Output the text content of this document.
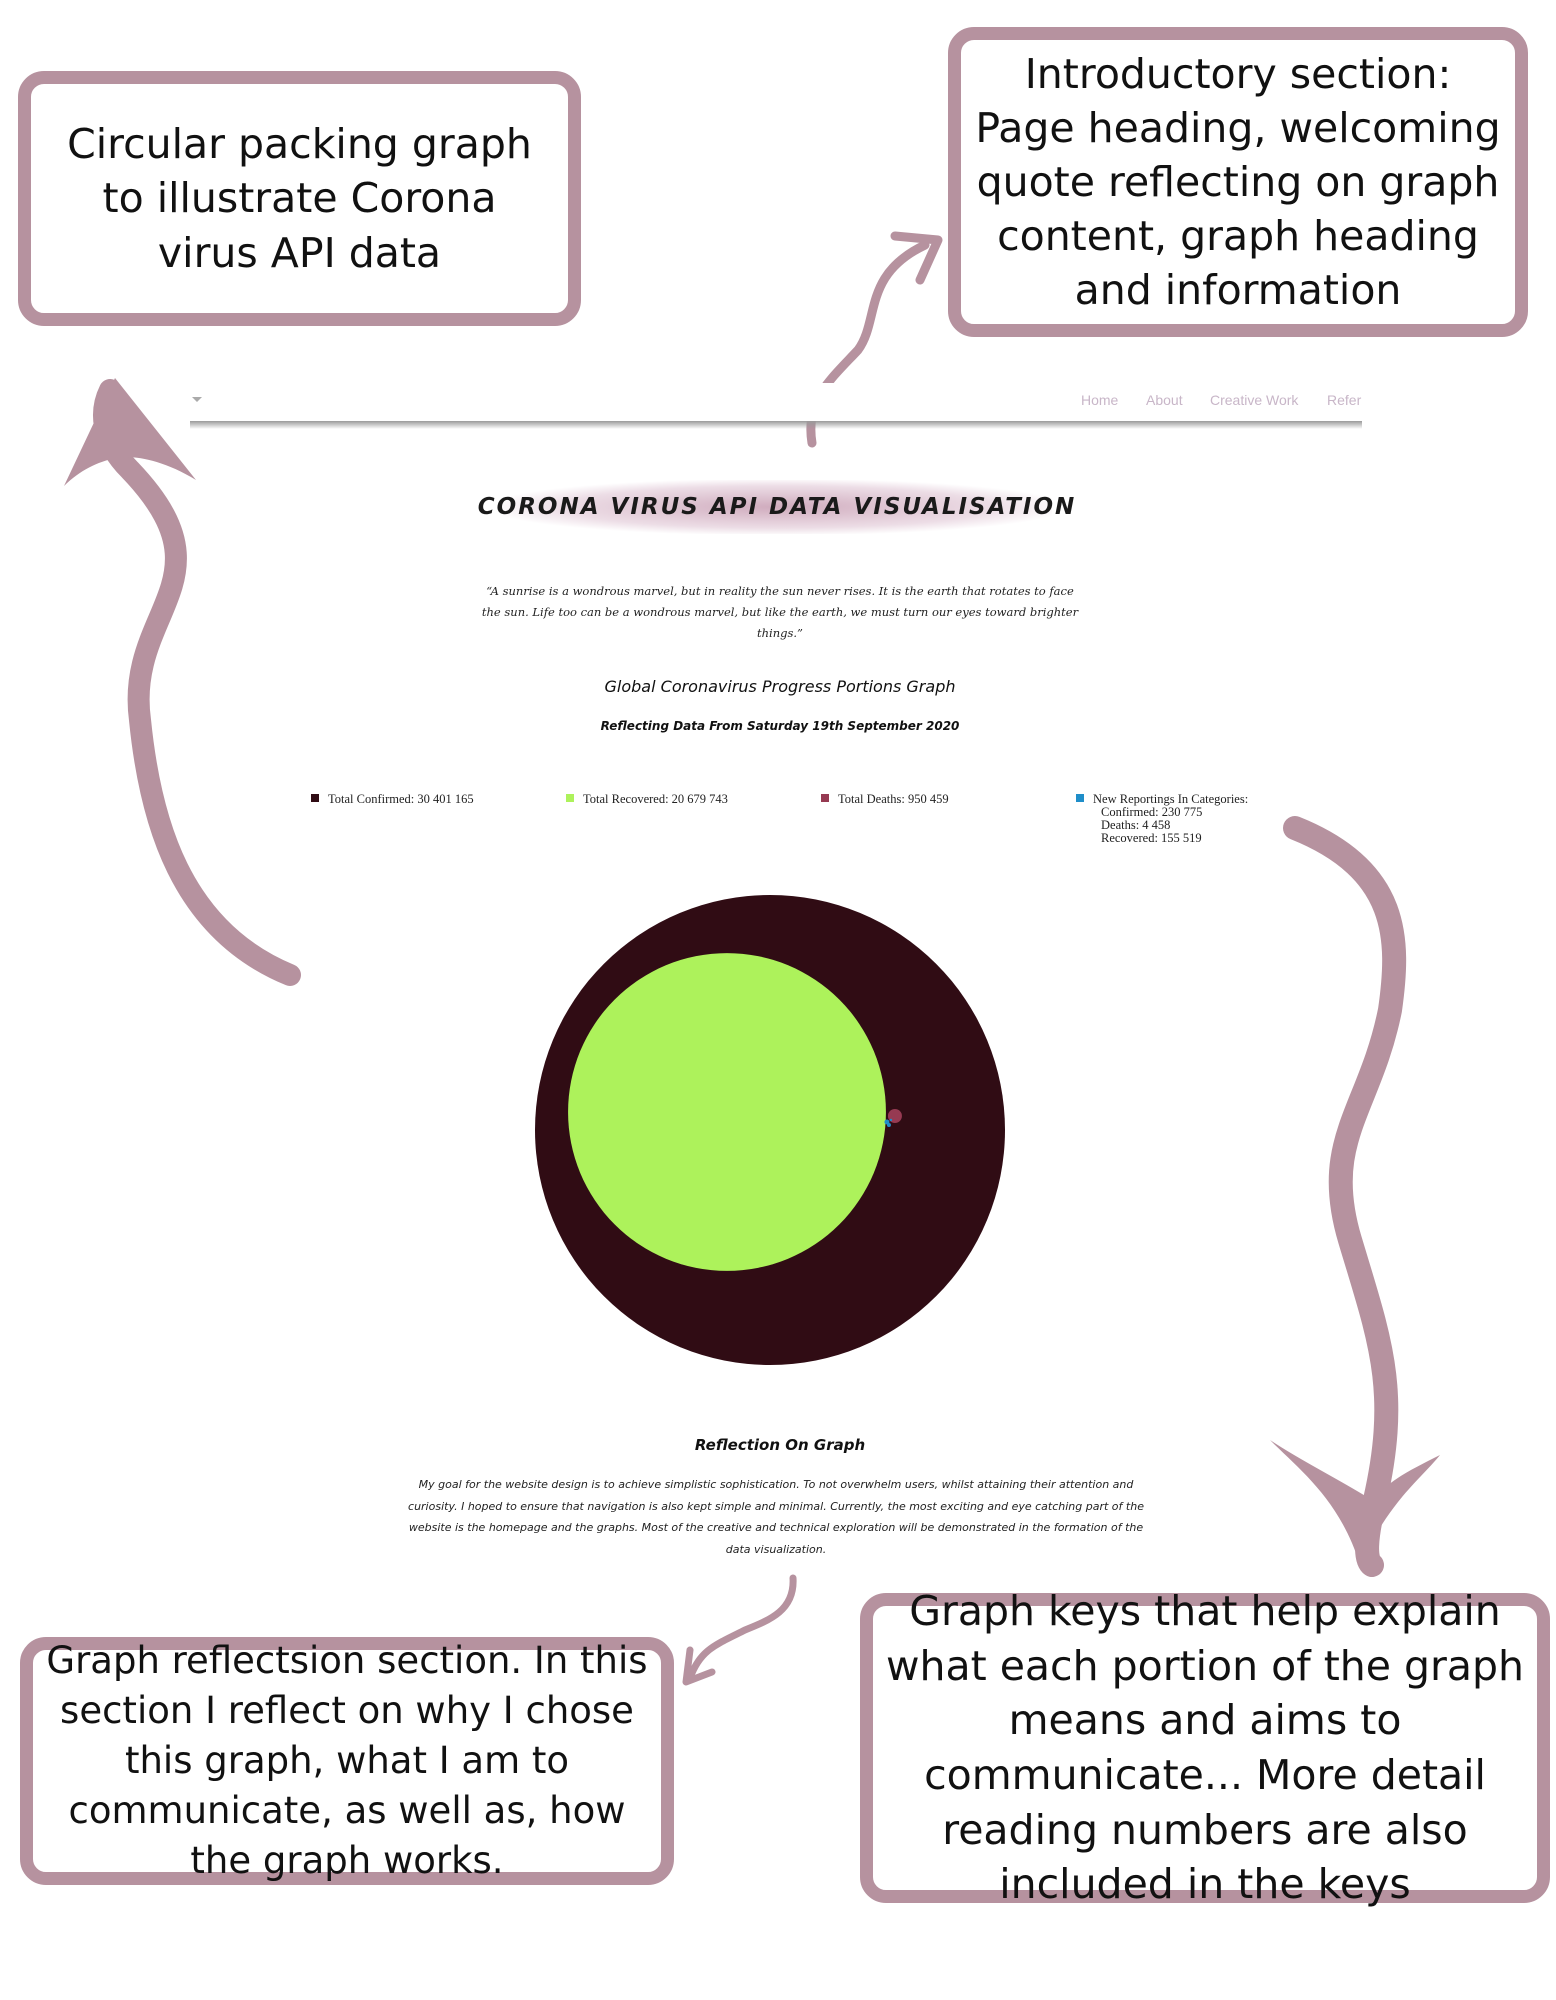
Circular packing graph to illustrate Corona virus API data
Introductory section: Page heading, welcoming quote reflecting on graph content, graph heading and information
Graph reflectsion section. In this section I reflect on why I chose this graph, what I am to communicate, as well as, how the graph works.
Graph keys that help explain what each portion of the graph means and aims to communicate... More detail reading numbers are also included in the keys
Home About Creative Work Refer
CORONA VIRUS API DATA VISUALISATION
“A sunrise is a wondrous marvel, but in reality the sun never rises. It is the earth that rotates to face the sun. Life too can be a wondrous marvel, but like the earth, we must turn our eyes toward brighter things.”
Global Coronavirus Progress Portions Graph
Reflecting Data From Saturday 19th September 2020
Total Confirmed: 30 401 165	Total Recovered: 20 679 743	Total Deaths: 950 459	New Reportings In Categories:
Confirmed: 230 775
Deaths: 4 458
Recovered: 155 519
Reflection On Graph
My goal for the website design is to achieve simplistic sophistication. To not overwhelm users, whilst attaining their attention and curiosity. I hoped to ensure that navigation is also kept simple and minimal. Currently, the most exciting and eye catching part of the website is the homepage and the graphs. Most of the creative and technical exploration will be demonstrated in the formation of the data visualization.
